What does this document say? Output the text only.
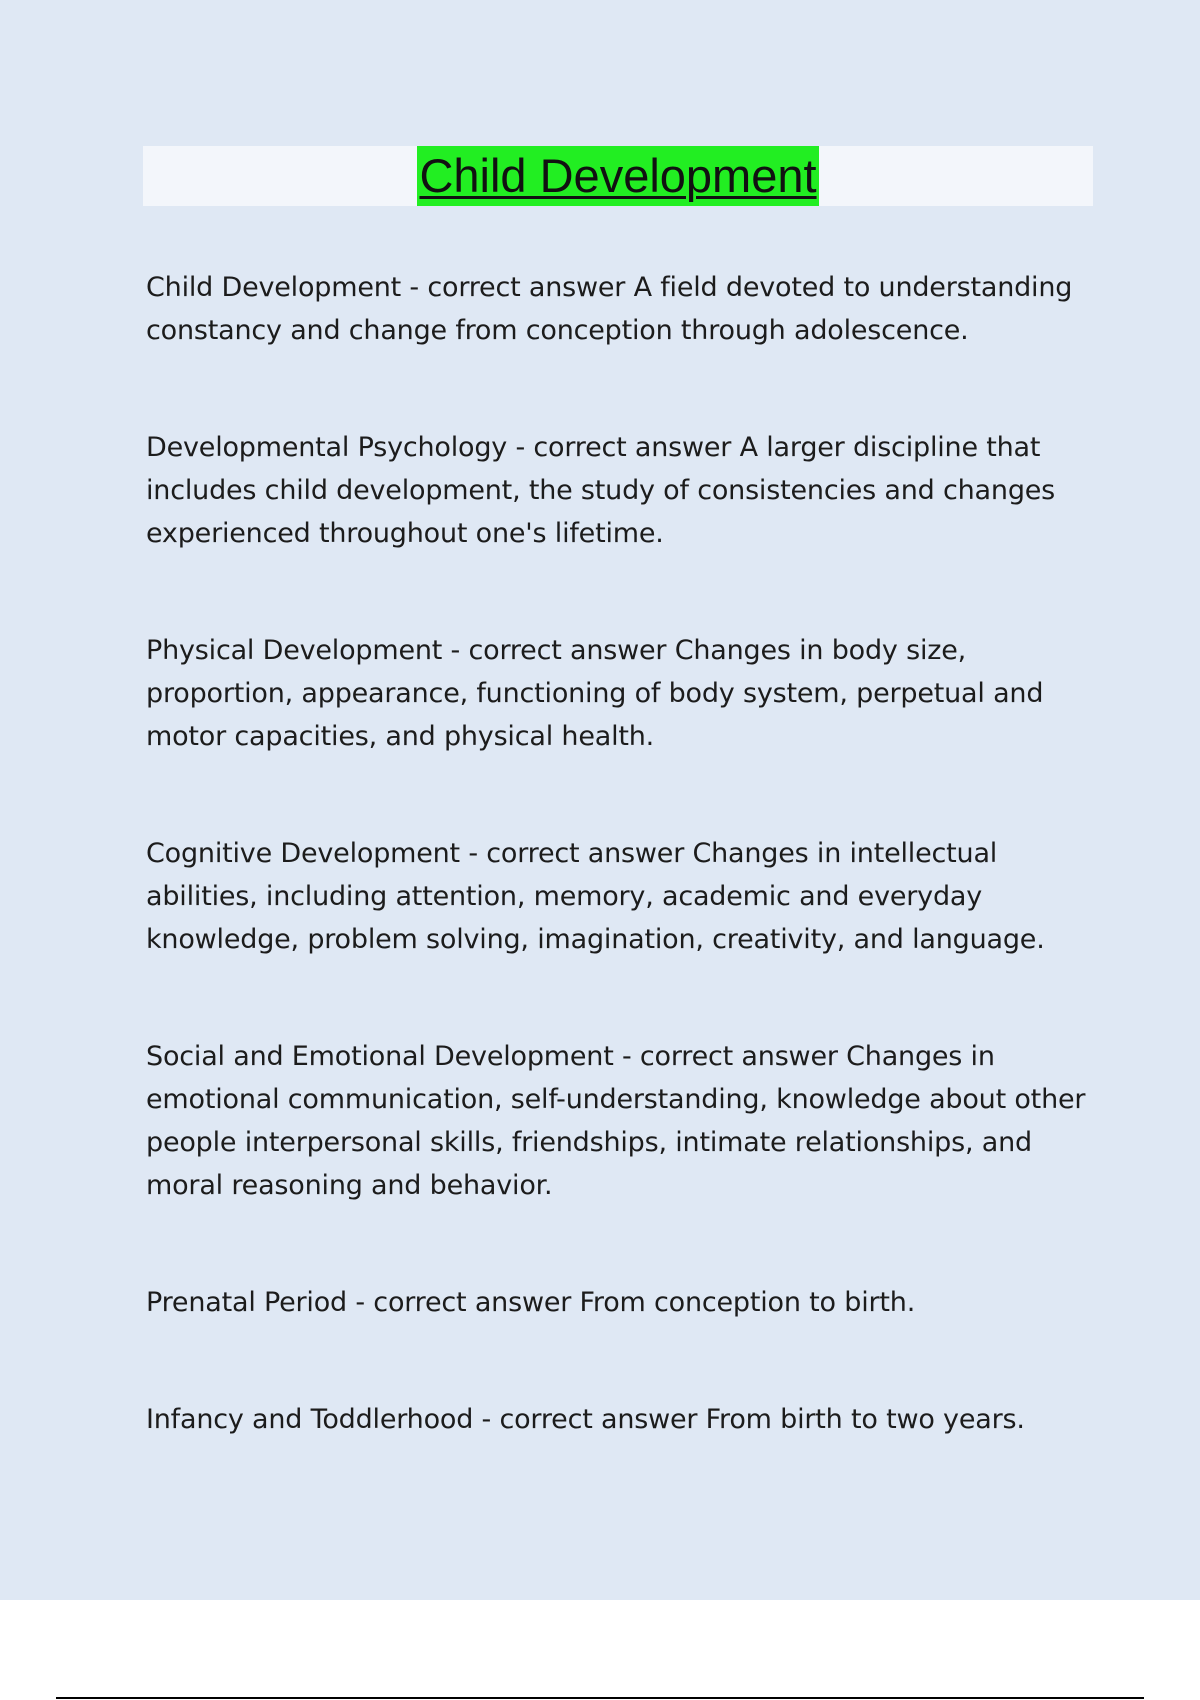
Child Development

Child Development - correct answer A field devoted to understanding constancy and change from conception through adolescence.

Developmental Psychology - correct answer A larger discipline that includes child development, the study of consistencies and changes experienced throughout one's lifetime.

Physical Development - correct answer Changes in body size, proportion, appearance, functioning of body system, perpetual and motor capacities, and physical health.

Cognitive Development - correct answer Changes in intellectual abilities, including attention, memory, academic and everyday knowledge, problem solving, imagination, creativity, and language.

Social and Emotional Development - correct answer Changes in emotional communication, self-understanding, knowledge about other people interpersonal skills, friendships, intimate relationships, and moral reasoning and behavior.

Prenatal Period - correct answer From conception to birth.

Infancy and Toddlerhood - correct answer From birth to two years.
